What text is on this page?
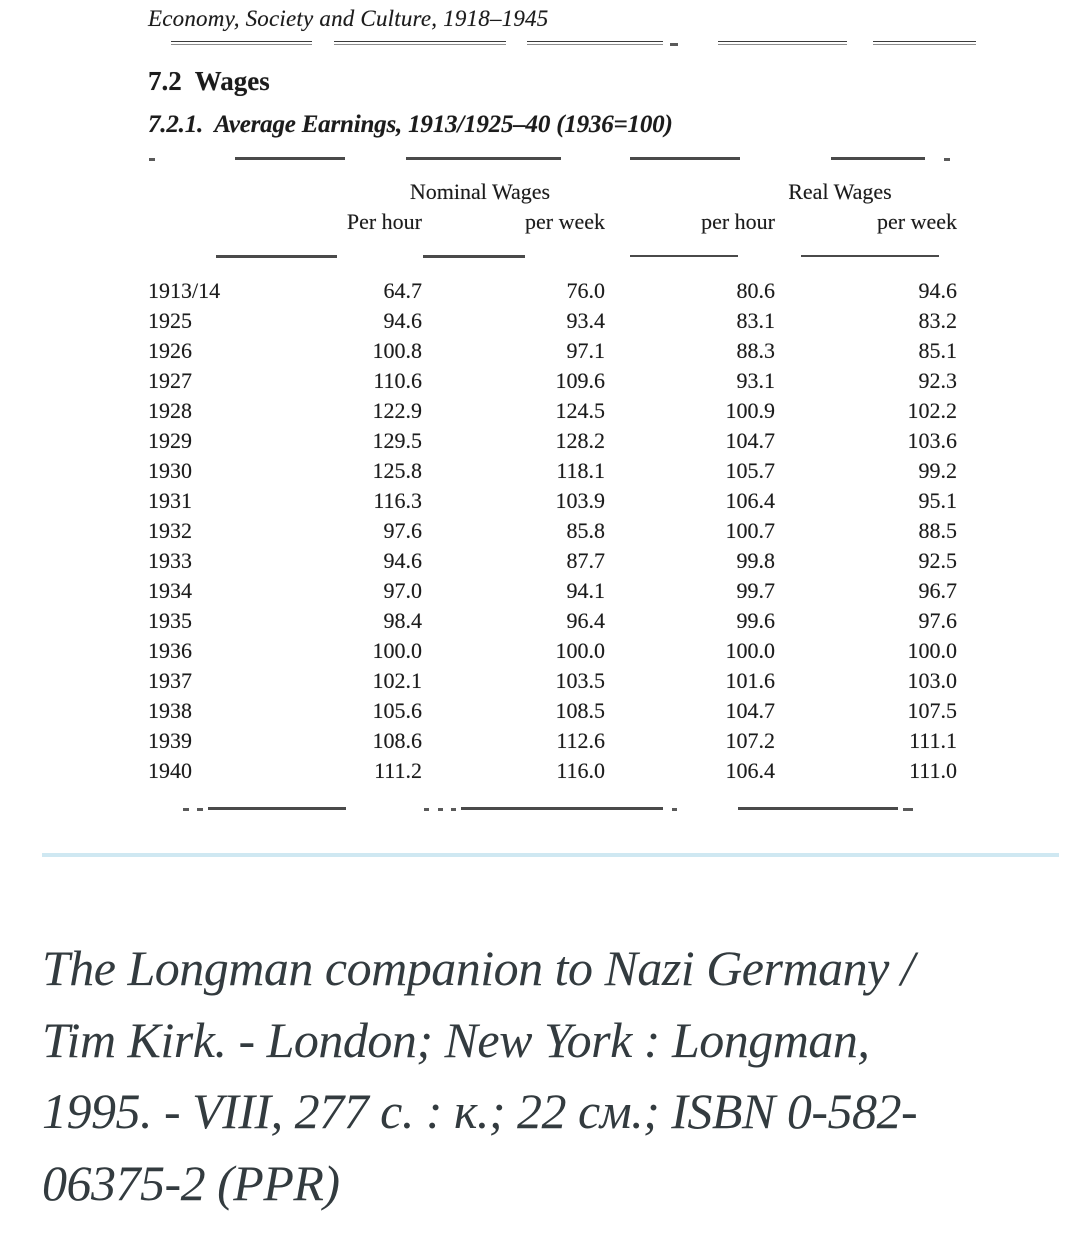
Economy, Society and Culture, 1918–1945
7.2  Wages
7.2.1.  Average Earnings, 1913/1925–40 (1936=100)
Nominal Wages	Real Wages
Per hour	per week	per hour	per week
1913/14	64.7	76.0	80.6	94.6
1925	94.6	93.4	83.1	83.2
1926	100.8	97.1	88.3	85.1
1927	110.6	109.6	93.1	92.3
1928	122.9	124.5	100.9	102.2
1929	129.5	128.2	104.7	103.6
1930	125.8	118.1	105.7	99.2
1931	116.3	103.9	106.4	95.1
1932	97.6	85.8	100.7	88.5
1933	94.6	87.7	99.8	92.5
1934	97.0	94.1	99.7	96.7
1935	98.4	96.4	99.6	97.6
1936	100.0	100.0	100.0	100.0
1937	102.1	103.5	101.6	103.0
1938	105.6	108.5	104.7	107.5
1939	108.6	112.6	107.2	111.1
1940	111.2	116.0	106.4	111.0
The Longman companion to Nazi Germany /
Tim Kirk. - London; New York : Longman,
1995. - VIII, 277 с. : к.; 22 см.; ISBN 0-582-
06375-2 (PPR)
